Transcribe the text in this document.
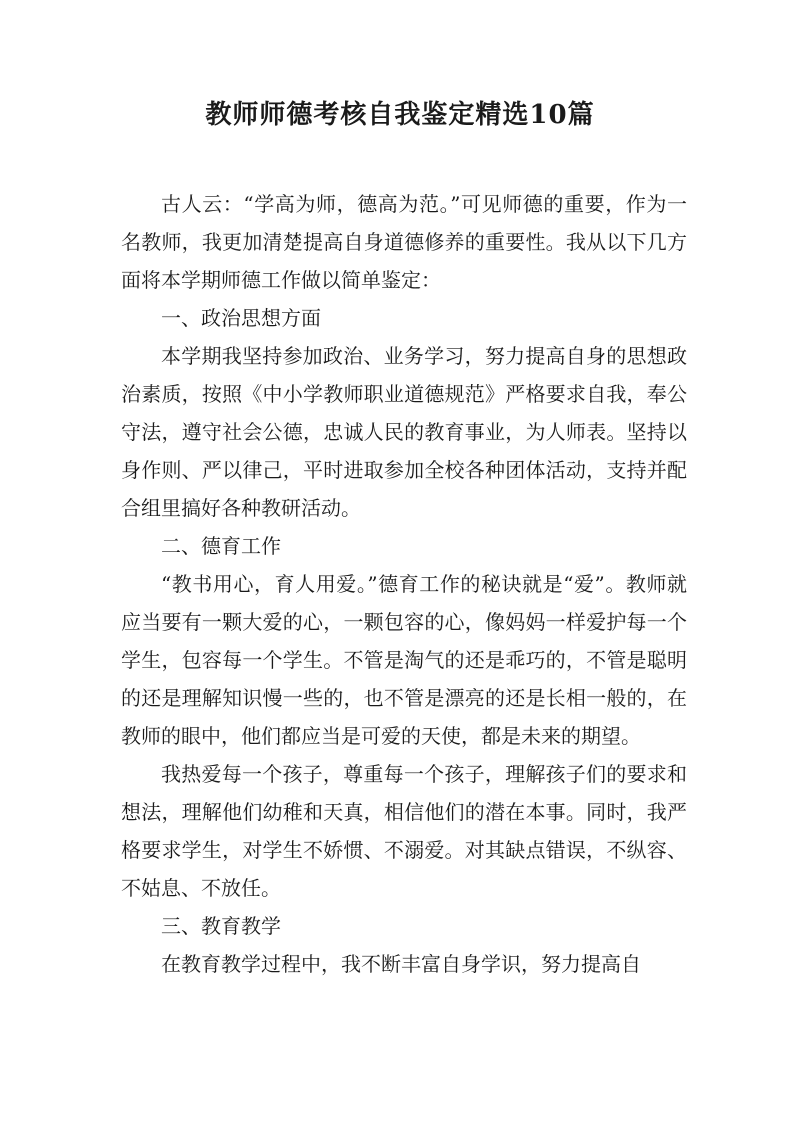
教师师德考核自我鉴定精选10篇

古人云：“学高为师，德高为范。”可见师德的重要，作为一名教师，我更加清楚提高自身道德修养的重要性。我从以下几方面将本学期师德工作做以简单鉴定：

一、政治思想方面

本学期我坚持参加政治、业务学习，努力提高自身的思想政治素质，按照《中小学教师职业道德规范》严格要求自我，奉公守法，遵守社会公德，忠诚人民的教育事业，为人师表。坚持以身作则、严以律己，平时进取参加全校各种团体活动，支持并配合组里搞好各种教研活动。

二、德育工作

“教书用心，育人用爱。”德育工作的秘诀就是“爱”。教师就应当要有一颗大爱的心，一颗包容的心，像妈妈一样爱护每一个学生，包容每一个学生。不管是淘气的还是乖巧的，不管是聪明的还是理解知识慢一些的，也不管是漂亮的还是长相一般的，在教师的眼中，他们都应当是可爱的天使，都是未来的期望。

我热爱每一个孩子，尊重每一个孩子，理解孩子们的要求和想法，理解他们幼稚和天真，相信他们的潜在本事。同时，我严格要求学生，对学生不娇惯、不溺爱。对其缺点错误，不纵容、不姑息、不放任。

三、教育教学

在教育教学过程中，我不断丰富自身学识，努力提高自
